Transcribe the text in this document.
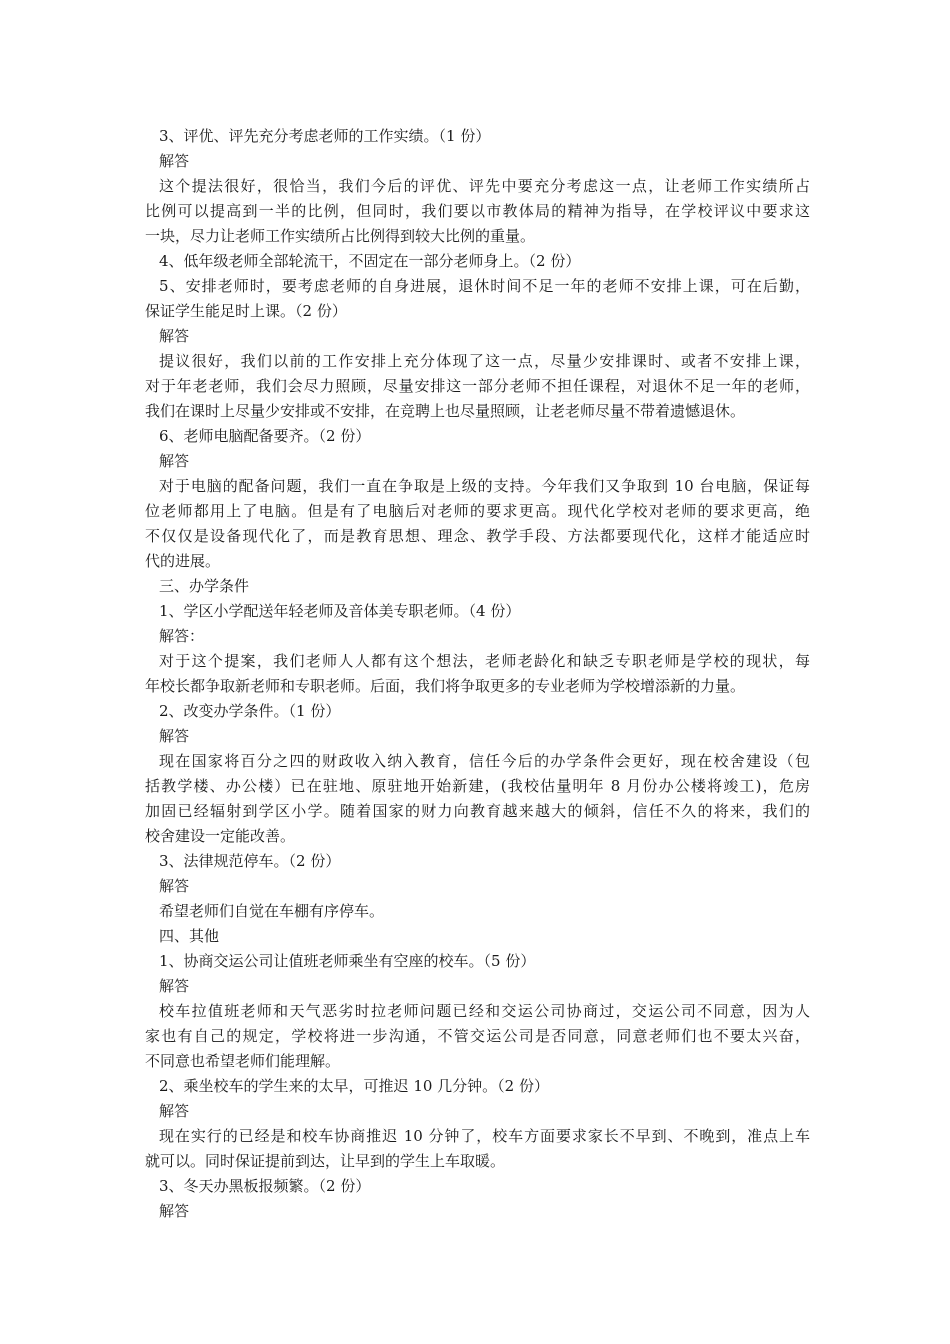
3、评优、评先充分考虑老师的工作实绩。（1 份）
解答
这个提法很好，很恰当，我们今后的评优、评先中要充分考虑这一点，让老师工作实绩所占
比例可以提高到一半的比例，但同时，我们要以市教体局的精神为指导，在学校评议中要求这
一块，尽力让老师工作实绩所占比例得到较大比例的重量。
4、低年级老师全部轮流干，不固定在一部分老师身上。（2 份）
5、安排老师时，要考虑老师的自身进展，退休时间不足一年的老师不安排上课，可在后勤，
保证学生能足时上课。（2 份）
解答
提议很好，我们以前的工作安排上充分体现了这一点，尽量少安排课时、或者不安排上课，
对于年老老师，我们会尽力照顾，尽量安排这一部分老师不担任课程，对退休不足一年的老师，
我们在课时上尽量少安排或不安排，在竞聘上也尽量照顾，让老老师尽量不带着遗憾退休。
6、老师电脑配备要齐。（2 份）
解答
对于电脑的配备问题，我们一直在争取是上级的支持。今年我们又争取到 10 台电脑，保证每
位老师都用上了电脑。但是有了电脑后对老师的要求更高。现代化学校对老师的要求更高，绝
不仅仅是设备现代化了，而是教育思想、理念、教学手段、方法都要现代化，这样才能适应时
代的进展。
三、办学条件
1、学区小学配送年轻老师及音体美专职老师。（4 份）
解答：
对于这个提案，我们老师人人都有这个想法，老师老龄化和缺乏专职老师是学校的现状，每
年校长都争取新老师和专职老师。后面，我们将争取更多的专业老师为学校增添新的力量。
2、改变办学条件。（1 份）
解答
现在国家将百分之四的财政收入纳入教育，信任今后的办学条件会更好，现在校舍建设（包
括教学楼、办公楼）已在驻地、原驻地开始新建，(我校估量明年 8 月份办公楼将竣工)，危房
加固已经辐射到学区小学。随着国家的财力向教育越来越大的倾斜，信任不久的将来，我们的
校舍建设一定能改善。
3、法律规范停车。（2 份）
解答
希望老师们自觉在车棚有序停车。
四、其他
1、协商交运公司让值班老师乘坐有空座的校车。（5 份）
解答
校车拉值班老师和天气恶劣时拉老师问题已经和交运公司协商过，交运公司不同意，因为人
家也有自己的规定，学校将进一步沟通，不管交运公司是否同意，同意老师们也不要太兴奋，
不同意也希望老师们能理解。
2、乘坐校车的学生来的太早，可推迟 10 几分钟。（2 份）
解答
现在实行的已经是和校车协商推迟 10 分钟了，校车方面要求家长不早到、不晚到，准点上车
就可以。同时保证提前到达，让早到的学生上车取暖。
3、冬天办黑板报频繁。（2 份）
解答
